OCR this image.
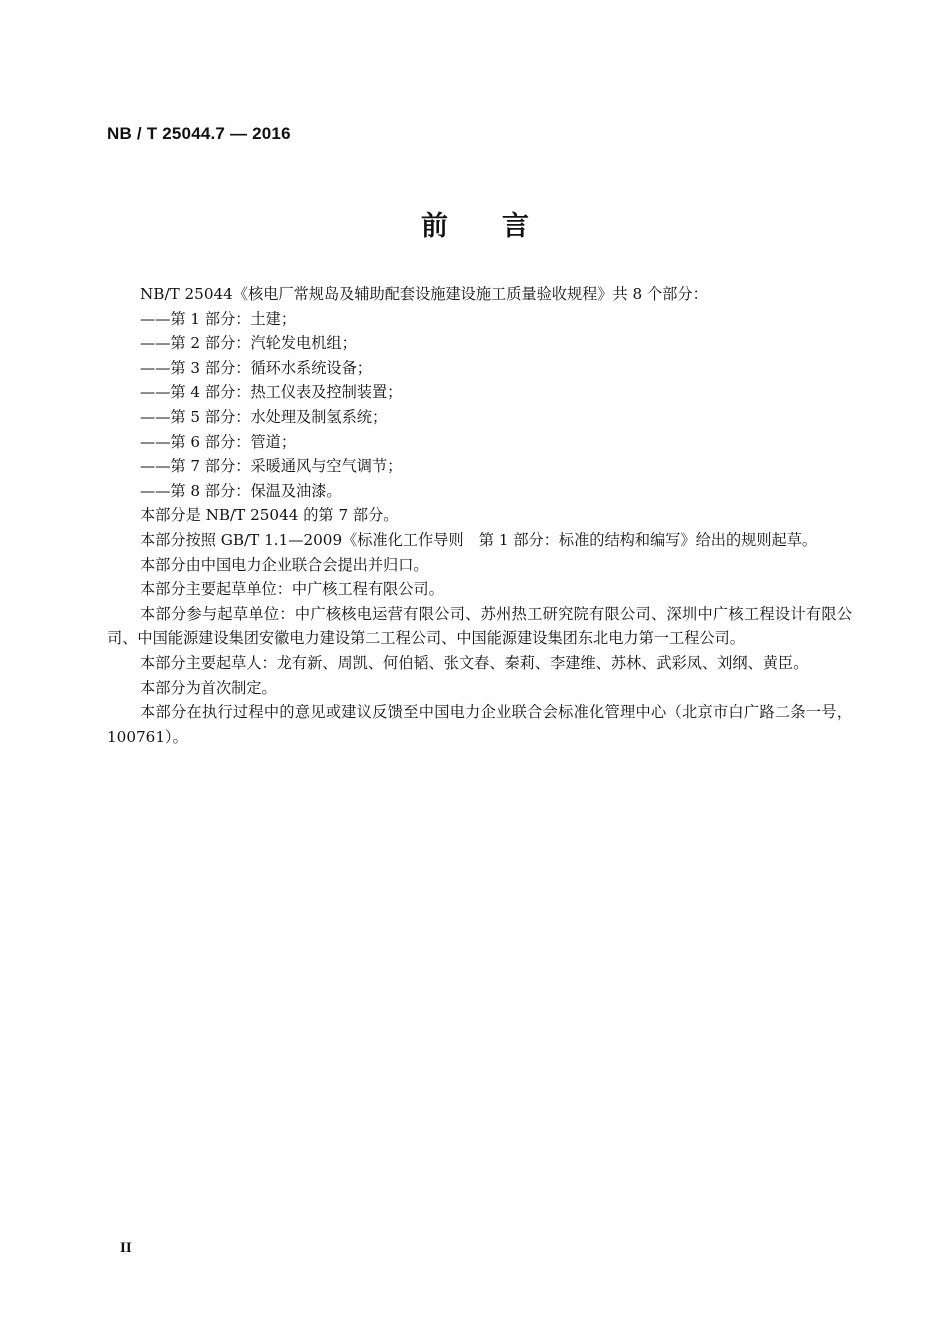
NB / T 25044.7 — 2016
前言

NB/T 25044《核电厂常规岛及辅助配套设施建设施工质量验收规程》共 8 个部分：

——第 1 部分：土建；
——第 2 部分：汽轮发电机组；
——第 3 部分：循环水系统设备；
——第 4 部分：热工仪表及控制装置；
——第 5 部分：水处理及制氢系统；
——第 6 部分：管道；
——第 7 部分：采暖通风与空气调节；
——第 8 部分：保温及油漆。

本部分是 NB/T 25044 的第 7 部分。

本部分按照 GB/T 1.1—2009《标准化工作导则　第 1 部分：标准的结构和编写》给出的规则起草。

本部分由中国电力企业联合会提出并归口。

本部分主要起草单位：中广核工程有限公司。

本部分参与起草单位：中广核核电运营有限公司、苏州热工研究院有限公司、深圳中广核工程设计有限公司、中国能源建设集团安徽电力建设第二工程公司、中国能源建设集团东北电力第一工程公司。

本部分主要起草人：龙有新、周凯、何伯韬、张文春、秦莉、李建维、苏林、武彩凤、刘纲、黄臣。

本部分为首次制定。

本部分在执行过程中的意见或建议反馈至中国电力企业联合会标准化管理中心（北京市白广路二条一号，100761）。

II
